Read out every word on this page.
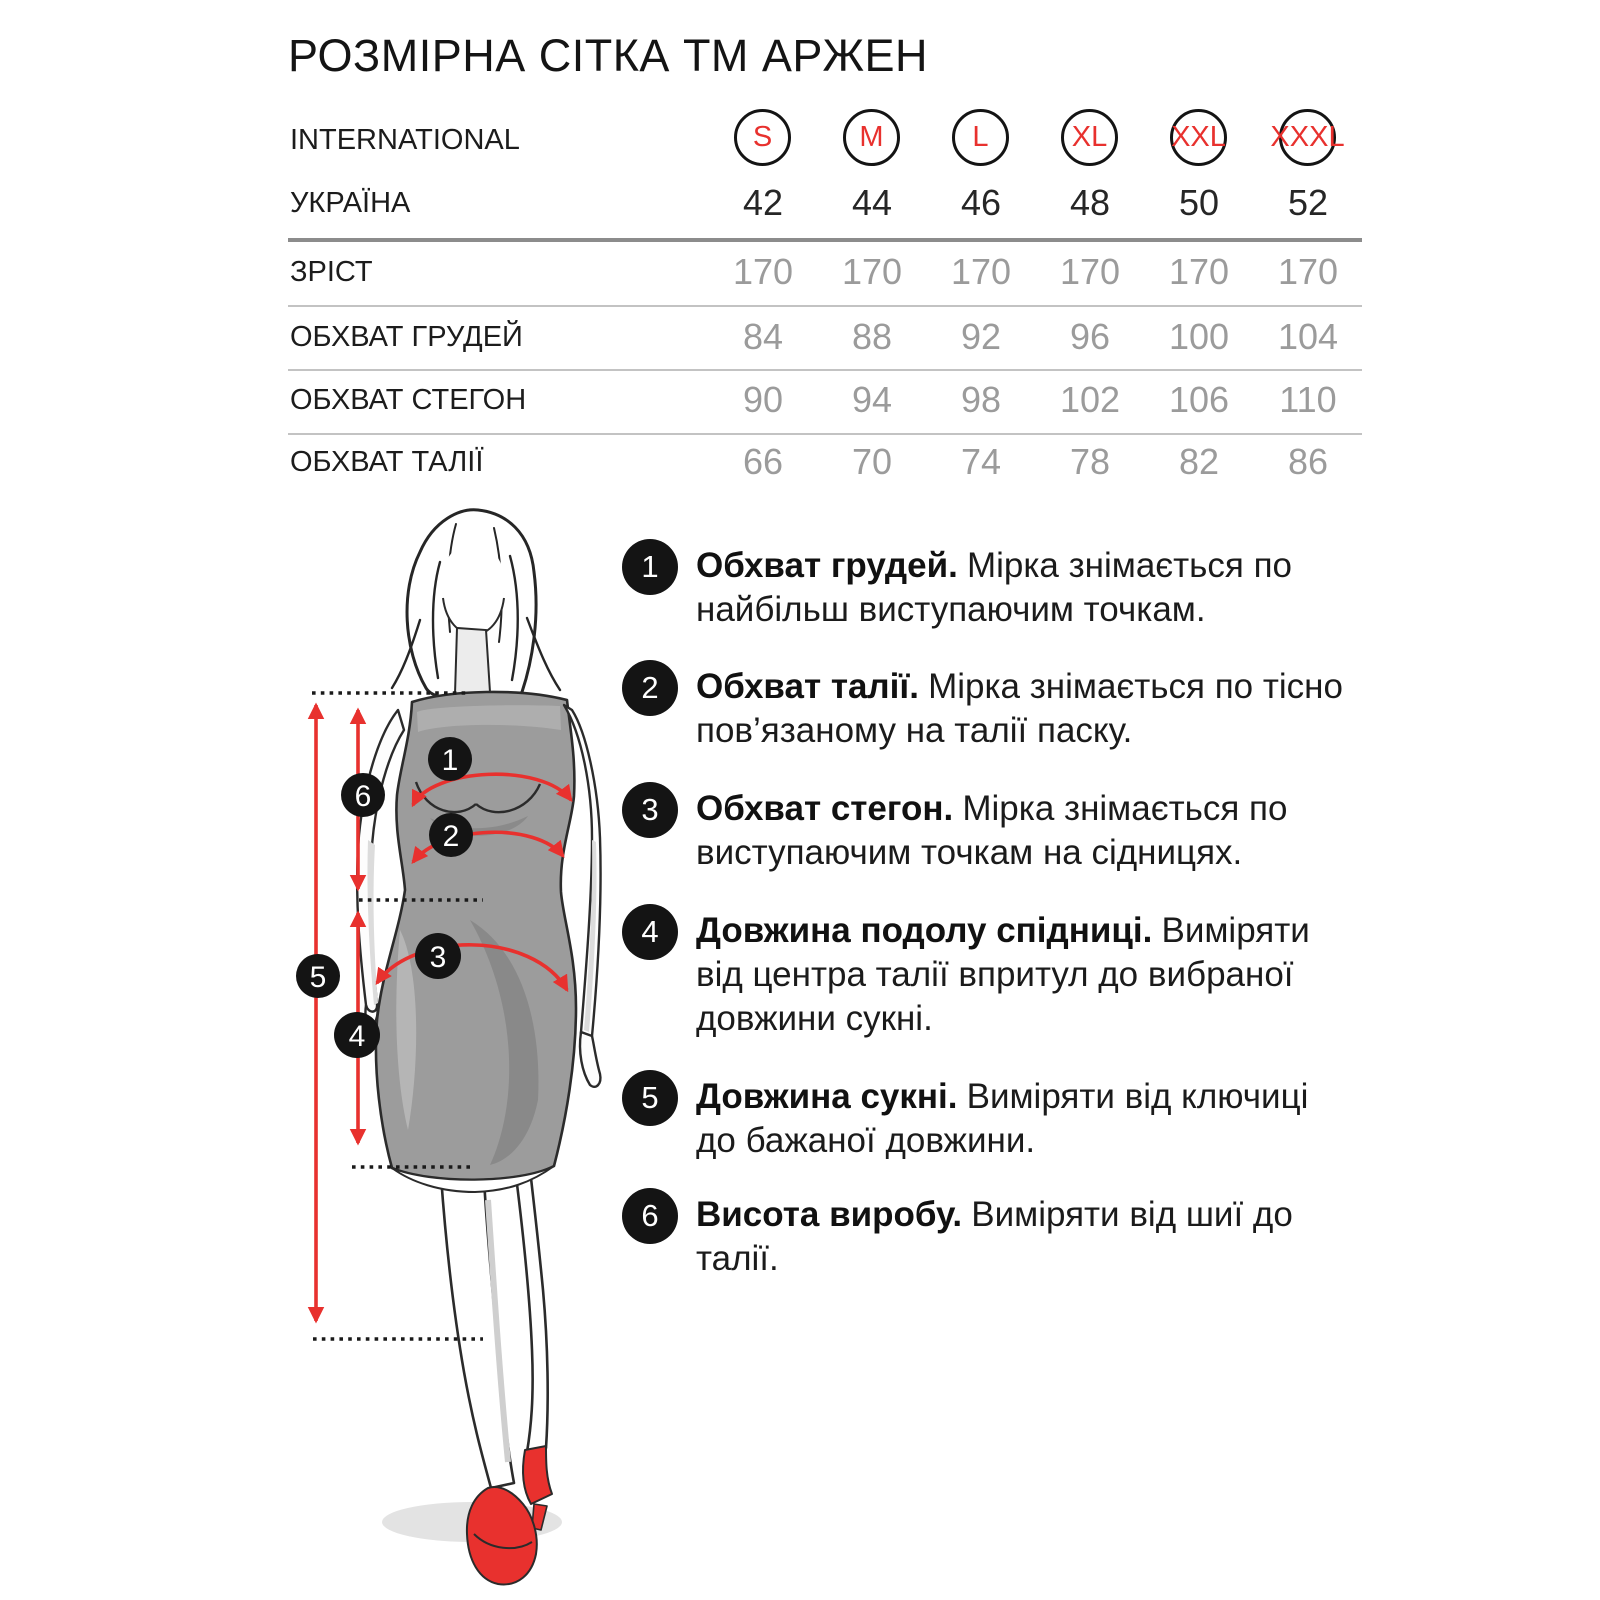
РОЗМІРНА СІТКА ТМ АРЖЕН
INTERNATIONAL	S	M	L	XL XXL XXXL
УКРАЇНА	42	44	46	48	50	52
ЗРІСТ	170	170	170	170	170	170
ОБХВАТ ГРУДЕЙ	84	88	92	96	100	104
ОБХВАТ СТЕГОН	90	94	98	102	106	110
ОБХВАТ ТАЛІЇ	66	70	74	78	82	86
1
2
3
4
5
6
1 Обхват грудей. Мірка знімається по найбільш виступаючим точкам.
2 Обхват талії. Мірка знімається по тісно пов’язаному на талії паску.
3 Обхват стегон. Мірка знімається по виступаючим точкам на сідницях.
4 Довжина подолу спідниці. Виміряти від центра талії впритул до вибраної довжини сукні.
5 Довжина сукні. Виміряти від ключиці до бажаної довжини.
6 Висота виробу. Виміряти від шиї до талії.
